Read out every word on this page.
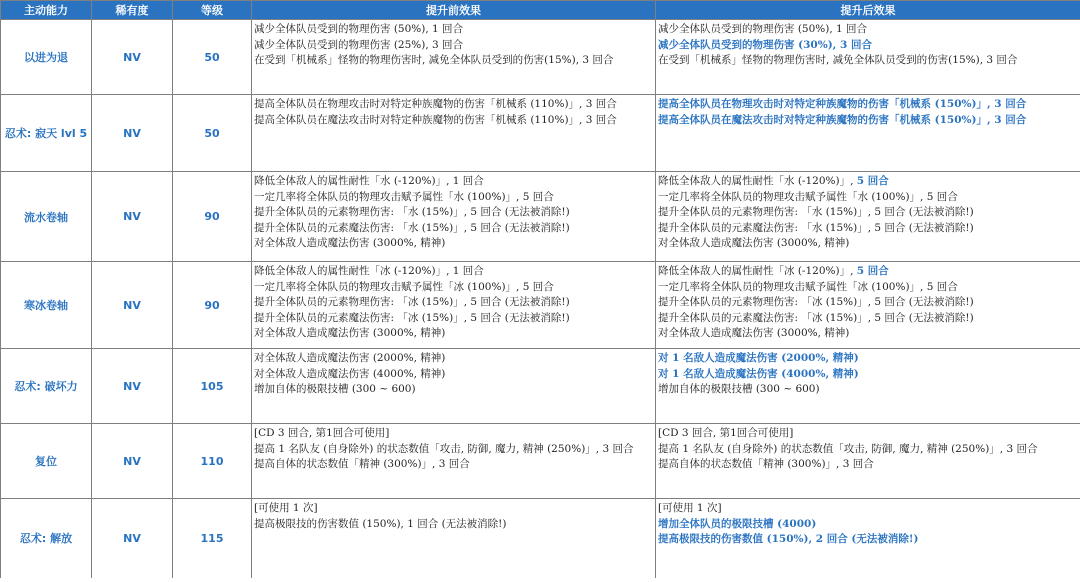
主动能力	稀有度	等级	提升前效果	提升后效果
以进为退	NV	50	减少全体队员受到的物理伤害 (50%), 1 回合
减少全体队员受到的物理伤害 (25%), 3 回合
在受到「机械系」怪物的物理伤害时, 减免全体队员受到的伤害(15%), 3 回合	减少全体队员受到的物理伤害 (50%), 1 回合
减少全体队员受到的物理伤害 (30%), 3 回合
在受到「机械系」怪物的物理伤害时, 减免全体队员受到的伤害(15%), 3 回合

忍术: 寂天 lvl 5	NV	50	提高全体队员在物理攻击时对特定种族魔物的伤害「机械系 (110%)」, 3 回合
提高全体队员在魔法攻击时对特定种族魔物的伤害「机械系 (110%)」, 3 回合	提高全体队员在物理攻击时对特定种族魔物的伤害「机械系 (150%)」, 3 回合
提高全体队员在魔法攻击时对特定种族魔物的伤害「机械系 (150%)」, 3 回合

流水卷轴	NV	90	降低全体敌人的属性耐性「水 (-120%)」, 1 回合
一定几率将全体队员的物理攻击赋予属性「水 (100%)」, 5 回合
提升全体队员的元素物理伤害: 「水 (15%)」, 5 回合 (无法被消除!)
提升全体队员的元素魔法伤害: 「水 (15%)」, 5 回合 (无法被消除!)
对全体敌人造成魔法伤害 (3000%, 精神)	降低全体敌人的属性耐性「水 (-120%)」, 5 回合
一定几率将全体队员的物理攻击赋予属性「水 (100%)」, 5 回合
提升全体队员的元素物理伤害: 「水 (15%)」, 5 回合 (无法被消除!)
提升全体队员的元素魔法伤害: 「水 (15%)」, 5 回合 (无法被消除!)
对全体敌人造成魔法伤害 (3000%, 精神)

寒冰卷轴	NV	90	降低全体敌人的属性耐性「冰 (-120%)」, 1 回合
一定几率将全体队员的物理攻击赋予属性「冰 (100%)」, 5 回合
提升全体队员的元素物理伤害: 「冰 (15%)」, 5 回合 (无法被消除!)
提升全体队员的元素魔法伤害: 「冰 (15%)」, 5 回合 (无法被消除!)
对全体敌人造成魔法伤害 (3000%, 精神)	降低全体敌人的属性耐性「冰 (-120%)」, 5 回合
一定几率将全体队员的物理攻击赋予属性「冰 (100%)」, 5 回合
提升全体队员的元素物理伤害: 「冰 (15%)」, 5 回合 (无法被消除!)
提升全体队员的元素魔法伤害: 「冰 (15%)」, 5 回合 (无法被消除!)
对全体敌人造成魔法伤害 (3000%, 精神)

忍术: 破坏力	NV	105	对全体敌人造成魔法伤害 (2000%, 精神)
对全体敌人造成魔法伤害 (4000%, 精神)
增加自体的极限技槽 (300 ~ 600)	对 1 名敌人造成魔法伤害 (2000%, 精神)
对 1 名敌人造成魔法伤害 (4000%, 精神)
增加自体的极限技槽 (300 ~ 600)

复位	NV	110	[CD 3 回合, 第1回合可使用]
提高 1 名队友 (自身除外) 的状态数值「攻击, 防御, 魔力, 精神 (250%)」, 3 回合
提高自体的状态数值「精神 (300%)」, 3 回合	[CD 3 回合, 第1回合可使用]
提高 1 名队友 (自身除外) 的状态数值「攻击, 防御, 魔力, 精神 (250%)」, 3 回合
提高自体的状态数值「精神 (300%)」, 3 回合

忍术: 解放	NV	115	[可使用 1 次]
提高极限技的伤害数值 (150%), 1 回合 (无法被消除!)	[可使用 1 次]
增加全体队员的极限技槽 (4000)
提高极限技的伤害数值 (150%), 2 回合 (无法被消除!)
